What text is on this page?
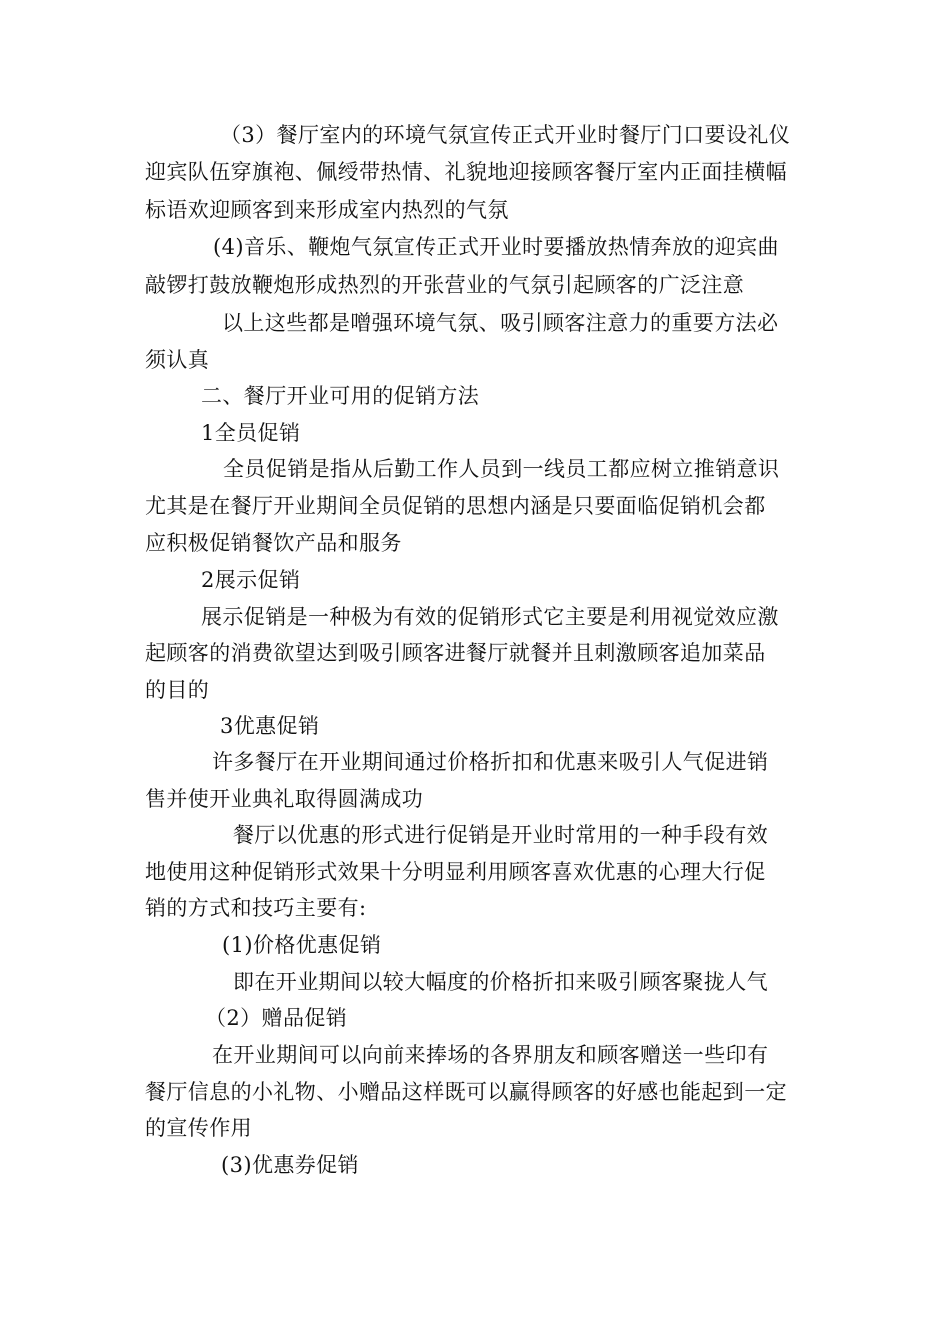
（3）餐厅室内的环境气氛宣传正式开业时餐厅门口要设礼仪
迎宾队伍穿旗袍、佩绶带热情、礼貌地迎接顾客餐厅室内正面挂横幅
标语欢迎顾客到来形成室内热烈的气氛
(4)音乐、鞭炮气氛宣传正式开业时要播放热情奔放的迎宾曲
敲锣打鼓放鞭炮形成热烈的开张营业的气氛引起顾客的广泛注意
以上这些都是噌强环境气氛、吸引顾客注意力的重要方法必
须认真
二、餐厅开业可用的促销方法
1全员促销
全员促销是指从后勤工作人员到一线员工都应树立推销意识
尤其是在餐厅开业期间全员促销的思想内涵是只要面临促销机会都
应积极促销餐饮产品和服务
2展示促销
展示促销是一种极为有效的促销形式它主要是利用视觉效应激
起顾客的消费欲望达到吸引顾客进餐厅就餐并且刺激顾客追加菜品
的目的
3优惠促销
许多餐厅在开业期间通过价格折扣和优惠来吸引人气促进销
售并使开业典礼取得圆满成功
餐厅以优惠的形式进行促销是开业时常用的一种手段有效
地使用这种促销形式效果十分明显利用顾客喜欢优惠的心理大行促
销的方式和技巧主要有:
(1)价格优惠促销
即在开业期间以较大幅度的价格折扣来吸引顾客聚拢人气
（2）赠品促销
在开业期间可以向前来捧场的各界朋友和顾客赠送一些印有
餐厅信息的小礼物、小赠品这样既可以赢得顾客的好感也能起到一定
的宣传作用
(3)优惠券促销
